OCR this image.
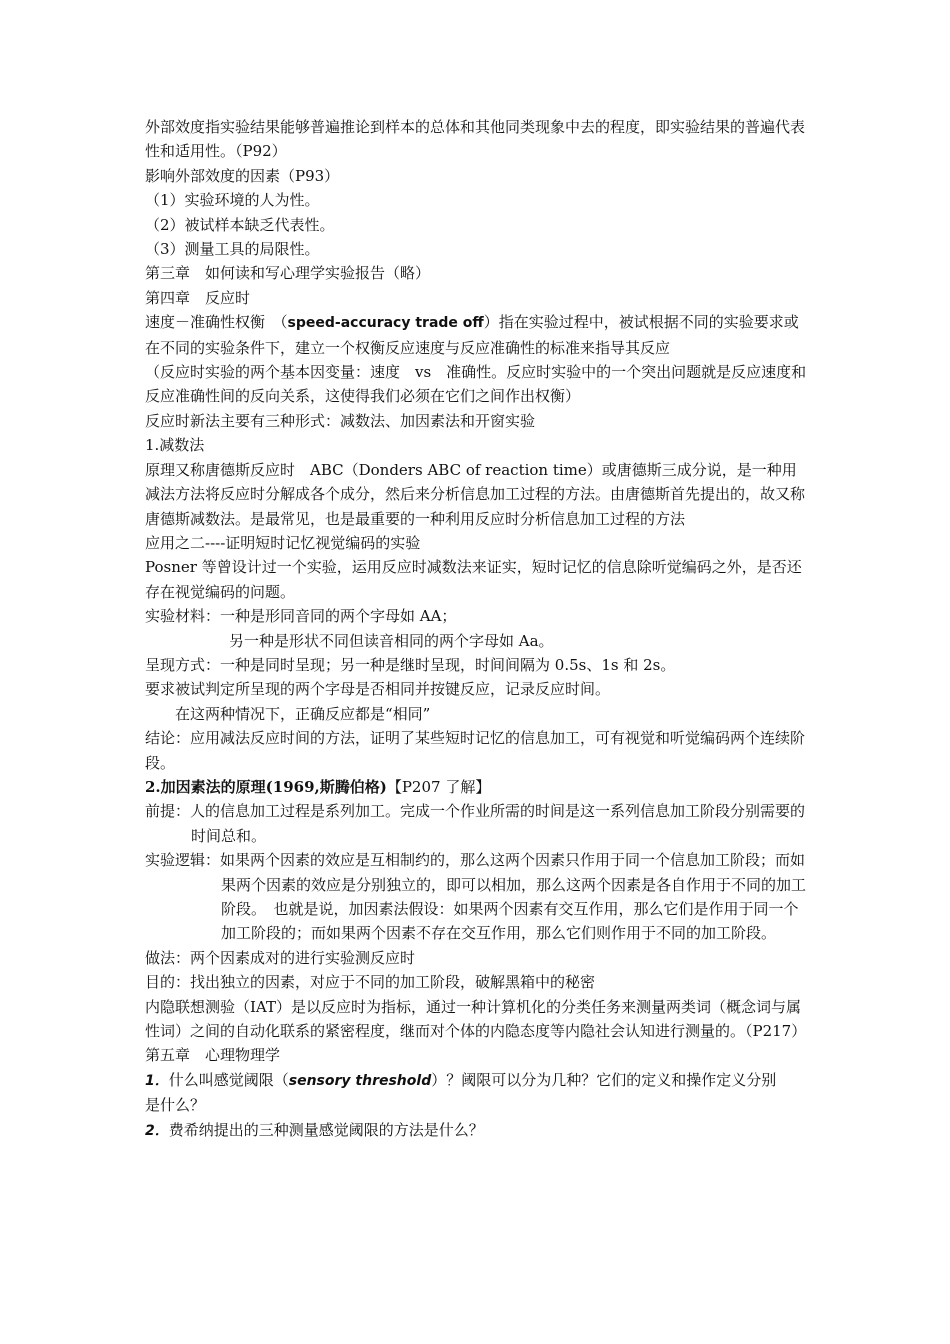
外部效度指实验结果能够普遍推论到样本的总体和其他同类现象中去的程度，即实验结果的普遍代表性和适用性。（P92）

影响外部效度的因素（P93）

（1）实验环境的人为性。

（2）被试样本缺乏代表性。

（3）测量工具的局限性。

第三章　如何读和写心理学实验报告（略）

第四章　反应时

速度－准确性权衡　（speed-accuracy trade off）指在实验过程中，被试根据不同的实验要求或在不同的实验条件下，建立一个权衡反应速度与反应准确性的标准来指导其反应

（反应时实验的两个基本因变量：速度　vs　准确性。反应时实验中的一个突出问题就是反应速度和反应准确性间的反向关系，这使得我们必须在它们之间作出权衡）

反应时新法主要有三种形式：减数法、加因素法和开窗实验

1.减数法

原理又称唐德斯反应时　ABC（Donders ABC of reaction time）或唐德斯三成分说，是一种用减法方法将反应时分解成各个成分，然后来分析信息加工过程的方法。由唐德斯首先提出的，故又称唐德斯减数法。是最常见，也是最重要的一种利用反应时分析信息加工过程的方法

应用之二----证明短时记忆视觉编码的实验

Posner 等曾设计过一个实验，运用反应时减数法来证实，短时记忆的信息除听觉编码之外，是否还存在视觉编码的问题。

实验材料：一种是形同音同的两个字母如 AA；

另一种是形状不同但读音相同的两个字母如 Aa。

呈现方式：一种是同时呈现；另一种是继时呈现，时间间隔为 0.5s、1s 和 2s。

要求被试判定所呈现的两个字母是否相同并按键反应，记录反应时间。

在这两种情况下，正确反应都是“相同”

结论：应用减法反应时间的方法，证明了某些短时记忆的信息加工，可有视觉和听觉编码两个连续阶段。

2.加因素法的原理(1969,斯腾伯格)【P207 了解】

前提：人的信息加工过程是系列加工。完成一个作业所需的时间是这一系列信息加工阶段分别需要的时间总和。

实验逻辑：如果两个因素的效应是互相制约的，那么这两个因素只作用于同一个信息加工阶段；而如果两个因素的效应是分别独立的，即可以相加，那么这两个因素是各自作用于不同的加工阶段。　也就是说，加因素法假设：如果两个因素有交互作用，那么它们是作用于同一个加工阶段的；而如果两个因素不存在交互作用，那么它们则作用于不同的加工阶段。

做法：两个因素成对的进行实验测反应时

目的：找出独立的因素，对应于不同的加工阶段，破解黑箱中的秘密

内隐联想测验（IAT）是以反应时为指标，通过一种计算机化的分类任务来测量两类词（概念词与属性词）之间的自动化联系的紧密程度，继而对个体的内隐态度等内隐社会认知进行测量的。（P217）

第五章　心理物理学

1．什么叫感觉阈限（sensory threshold）？阈限可以分为几种？它们的定义和操作定义分别是什么？

2．费希纳提出的三种测量感觉阈限的方法是什么？
